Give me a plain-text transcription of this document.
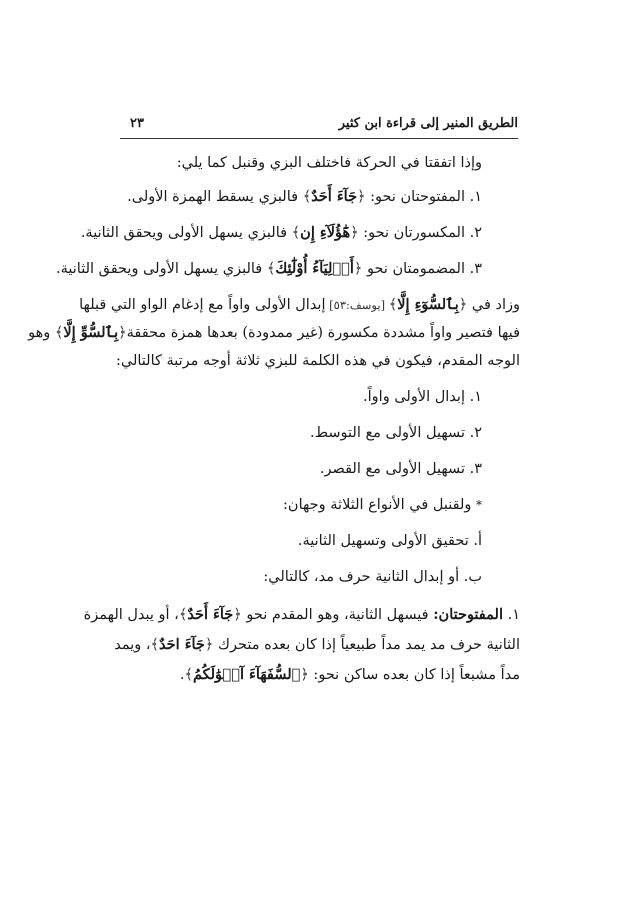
الطريق المنير إلى قراءة ابن كثير
٢٣
وإذا اتفقتا في الحركة فاختلف البزي وقنبل كما يلي:
١. المفتوحتان نحو: ﴿جَآءَ أَحَدٌ﴾ فالبزي يسقط الهمزة الأولى.
٢. المكسورتان نحو: ﴿هَٰٓؤُلَآءِ إِن﴾ فالبزي يسهل الأولى ويحقق الثانية.
٣. المضمومتان نحو ﴿أَوۡلِيَآءُ أُوْلَٰٓئِكَ﴾ فالبزي يسهل الأولى ويحقق الثانية.
وزاد في ﴿بِٱلسُّوٓءِ إِلَّا﴾ [يوسف:٥٣] إبدال الأولى واواً مع إدغام الواو التي قبلها
فيها فتصير واواً مشددة مكسورة (غير ممدودة) بعدها همزة محققة﴿بِٱلسُّوِّ إِلَّا﴾ وهو
الوجه المقدم، فيكون في هذه الكلمة للبزي ثلاثة أوجه مرتبة كالتالي:
١. إبدال الأولى واواً.
٢. تسهيل الأولى مع التوسط.
٣. تسهيل الأولى مع القصر.
* ولقنبل في الأنواع الثلاثة وجهان:
أ. تحقيق الأولى وتسهيل الثانية.
ب. أو إبدال الثانية حرف مد، كالتالي:
١. المفتوحتان: فيسهل الثانية، وهو المقدم نحو ﴿جَآءَ أَحَدٌ﴾، أو يبدل الهمزة
الثانية حرف مد يمد مداً طبيعياً إذا كان بعده متحرك ﴿جَآءَ احَدٌ﴾، ويمد
مداً مشبعاً إذا كان بعده ساكن نحو: ﴿ٱلسُّفَهَآءَ آمۡوَٰلَكُمُ﴾.
